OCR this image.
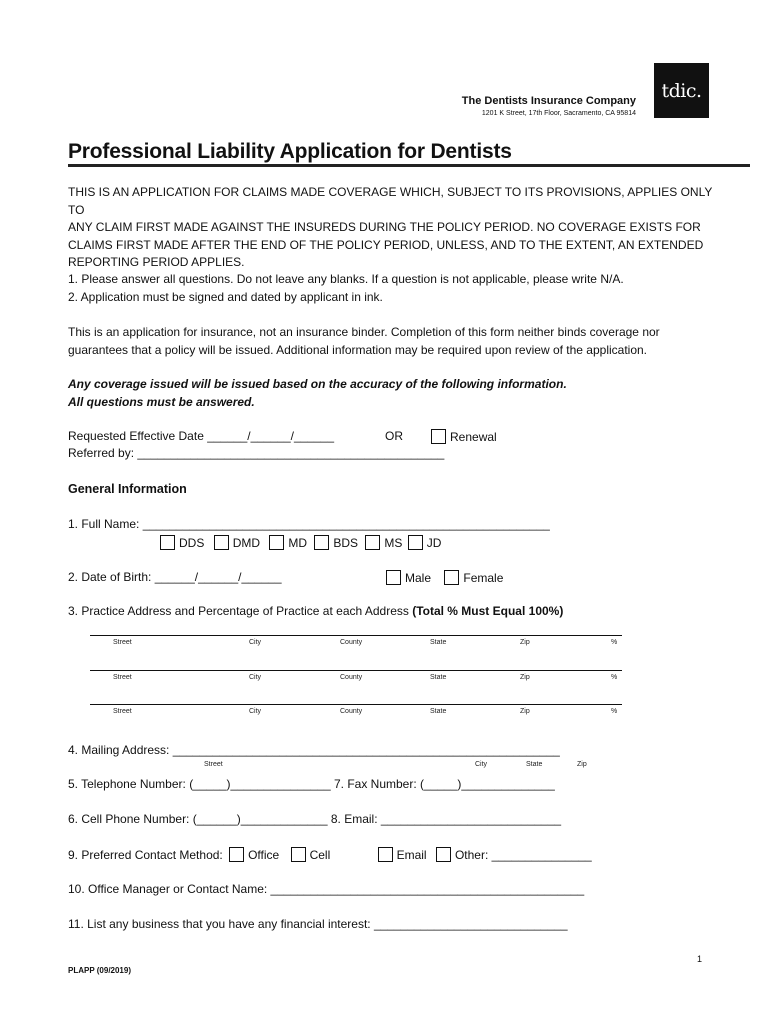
tdic.
The Dentists Insurance Company
1201 K Street, 17th Floor, Sacramento, CA 95814
Professional Liability Application for Dentists
THIS IS AN APPLICATION FOR CLAIMS MADE COVERAGE WHICH, SUBJECT TO ITS PROVISIONS, APPLIES ONLY TO
ANY CLAIM FIRST MADE AGAINST THE INSUREDS DURING THE POLICY PERIOD. NO COVERAGE EXISTS FOR
CLAIMS FIRST MADE AFTER THE END OF THE POLICY PERIOD, UNLESS, AND TO THE EXTENT, AN EXTENDED
REPORTING PERIOD APPLIES.
1. Please answer all questions. Do not leave any blanks. If a question is not applicable, please write N/A.
2. Application must be signed and dated by applicant in ink.
This is an application for insurance, not an insurance binder. Completion of this form neither binds coverage nor
guarantees that a policy will be issued. Additional information may be required upon review of the application.
Any coverage issued will be issued based on the accuracy of the following information.
All questions must be answered.
Requested Effective Date ______/______/______	OR	Renewal
Referred by: ______________________________________________
General Information
1. Full Name: _____________________________________________________________
DDS DMD MD BDS MS JD
2. Date of Birth: ______/______/______	Male	Female
3. Practice Address and Percentage of Practice at each Address (Total % Must Equal 100%)
Street	City	County	State	Zip	%
Street	City	County	State	Zip	%
Street	City	County	State	Zip	%
4. Mailing Address: __________________________________________________________
Street	City	State	Zip
5. Telephone Number: (_____)_______________ 7. Fax Number: (_____)______________
6. Cell Phone Number: (______)_____________ 8. Email: ___________________________
9. Preferred Contact Method: Office	Cell	Email Other: _______________
10. Office Manager or Contact Name: _______________________________________________
11. List any business that you have any financial interest: _____________________________
1
PLAPP (09/2019)
